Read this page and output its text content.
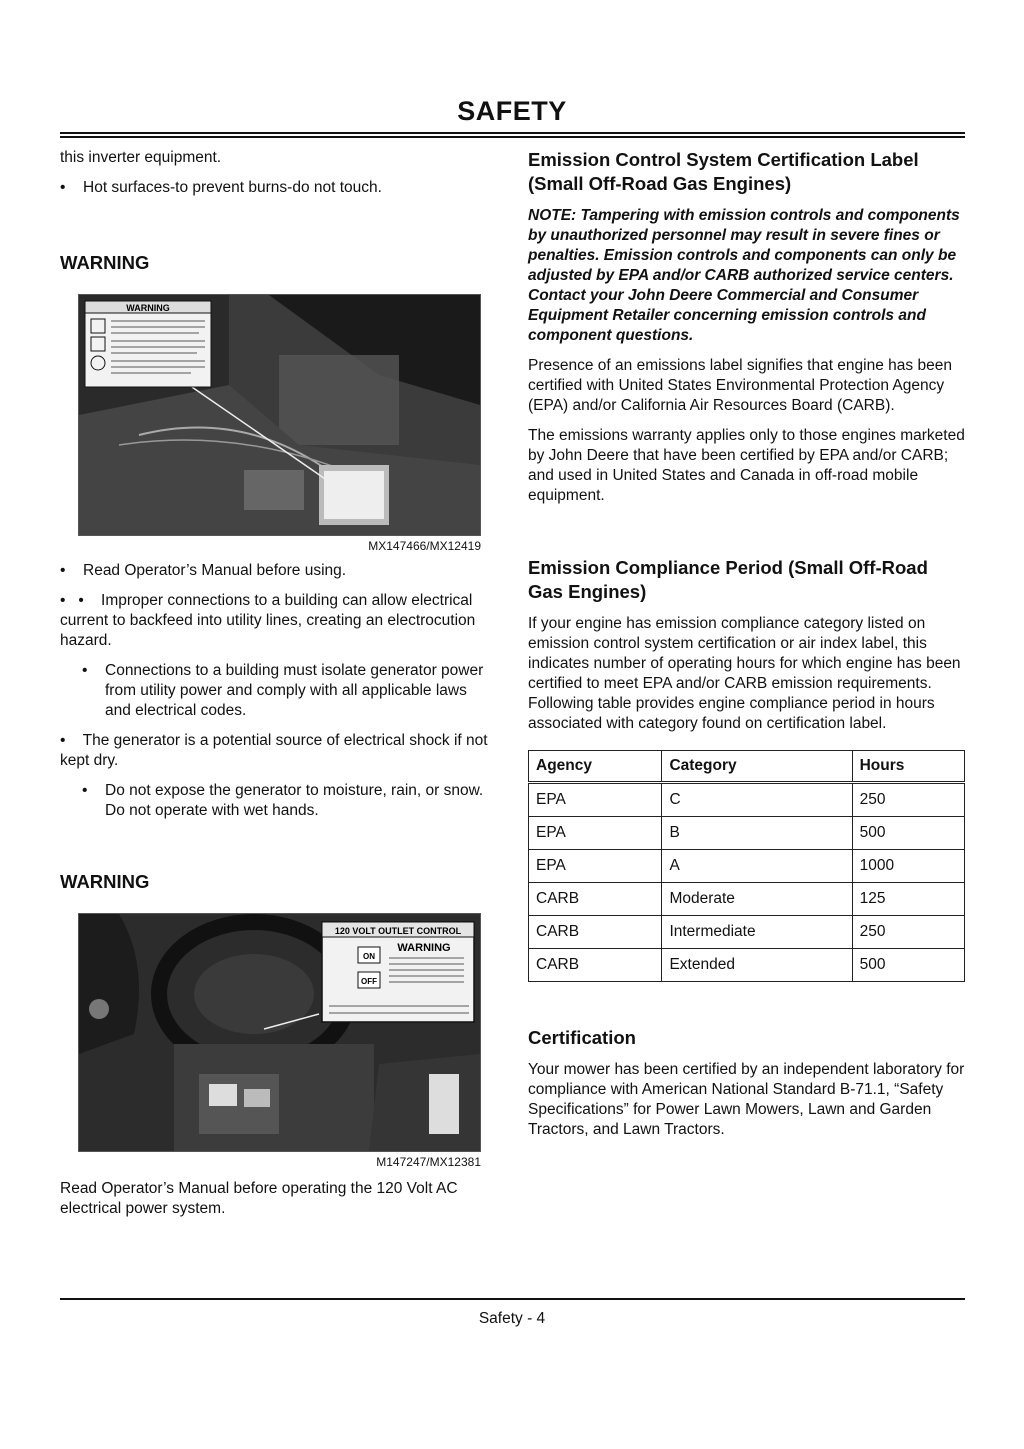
SAFETY

this inverter equipment.

• Hot surfaces-to prevent burns-do not touch.

WARNING
WARNING
MX147466/MX12419

• Read Operator’s Manual before using.

•   •    Improper connections to a building can allow electrical current to backfeed into utility lines, creating an electrocution hazard.

• Connections to a building must isolate generator power from utility power and comply with all applicable laws and electrical codes.

•    The generator is a potential source of electrical shock if not kept dry.

• Do not expose the generator to moisture, rain, or snow. Do not operate with wet hands.

WARNING
120 VOLT OUTLET CONTROL
ON
OFF
WARNING
M147247/MX12381

Read Operator’s Manual before operating the 120 Volt AC electrical power system.

Emission Control System Certification Label (Small Off-Road Gas Engines)
NOTE: Tampering with emission controls and components by unauthorized personnel may result in severe fines or penalties. Emission controls and components can only be adjusted by EPA and/or CARB authorized service centers. Contact your John Deere Commercial and Consumer Equipment Retailer concerning emission controls and component questions.

Presence of an emissions label signifies that engine has been certified with United States Environmental Protection Agency (EPA) and/or California Air Resources Board (CARB).

The emissions warranty applies only to those engines marketed by John Deere that have been certified by EPA and/or CARB; and used in United States and Canada in off-road mobile equipment.

Emission Compliance Period (Small Off-Road Gas Engines)

If your engine has emission compliance category listed on emission control system certification or air index label, this indicates number of operating hours for which engine has been certified to meet EPA and/or CARB emission requirements. Following table provides engine compliance period in hours associated with category found on certification label.

Agency	Category	Hours
EPA	C	250
EPA	B	500
EPA	A	1000
CARB	Moderate	125
CARB	Intermediate	250
CARB	Extended	500
Certification

Your mower has been certified by an independent laboratory for compliance with American National Standard B-71.1, “Safety Specifications” for Power Lawn Mowers, Lawn and Garden Tractors, and Lawn Tractors.

Safety - 4
